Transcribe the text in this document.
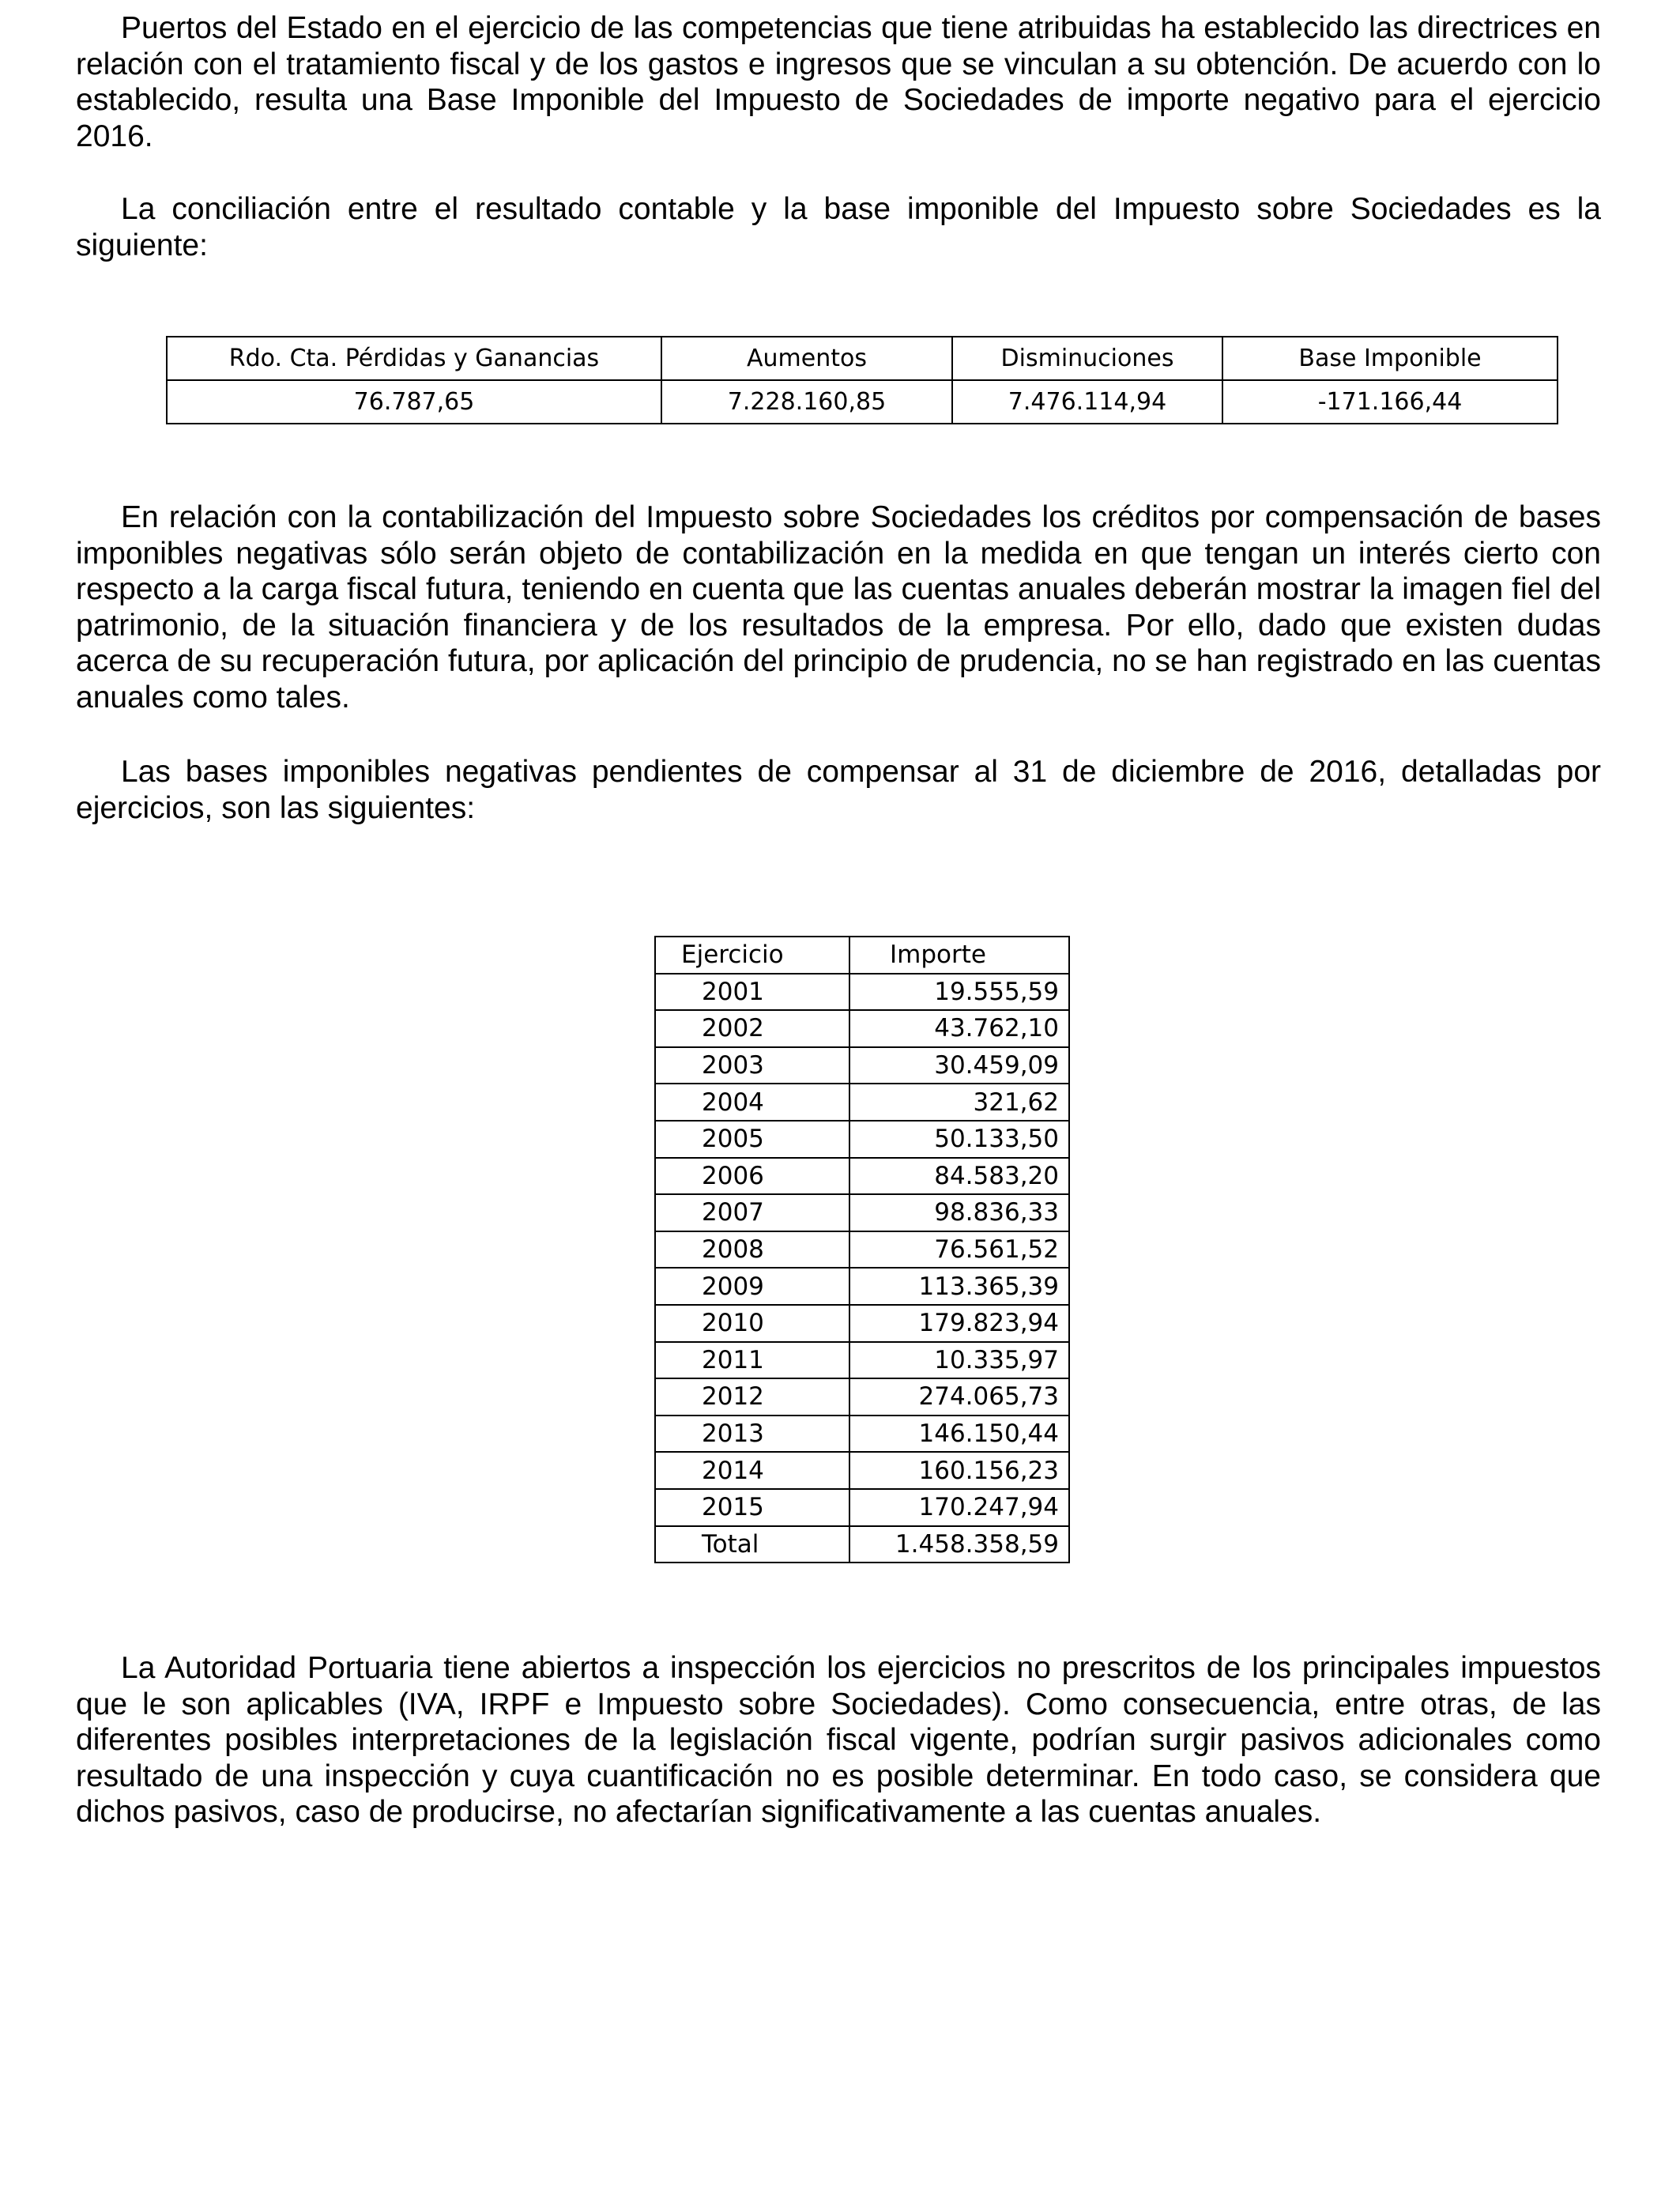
Puertos del Estado en el ejercicio de las competencias que tiene atribuidas ha establecido las directrices en relación con el tratamiento fiscal y de los gastos e ingresos que se vinculan a su obtención. De acuerdo con lo establecido, resulta una Base Imponible del Impuesto de Sociedades de importe negativo para el ejercicio 2016.

La conciliación entre el resultado contable y la base imponible del Impuesto sobre Sociedades es la siguiente:

Rdo. Cta. Pérdidas y Ganancias	Aumentos	Disminuciones	Base Imponible
76.787,65	7.228.160,85	7.476.114,94	-171.166,44

En relación con la contabilización del Impuesto sobre Sociedades los créditos por compensación de bases imponibles negativas sólo serán objeto de contabilización en la medida en que tengan un interés cierto con respecto a la carga fiscal futura, teniendo en cuenta que las cuentas anuales deberán mostrar la imagen fiel del patrimonio, de la situación financiera y de los resultados de la empresa. Por ello, dado que existen dudas acerca de su recuperación futura, por aplicación del principio de prudencia, no se han registrado en las cuentas anuales como tales.

Las bases imponibles negativas pendientes de compensar al 31 de diciembre de 2016, detalladas por ejercicios, son las siguientes:

Ejercicio	Importe
2001	19.555,59
2002	43.762,10
2003	30.459,09
2004	321,62
2005	50.133,50
2006	84.583,20
2007	98.836,33
2008	76.561,52
2009	113.365,39
2010	179.823,94
2011	10.335,97
2012	274.065,73
2013	146.150,44
2014	160.156,23
2015	170.247,94
Total	1.458.358,59

La Autoridad Portuaria tiene abiertos a inspección los ejercicios no prescritos de los principales impuestos que le son aplicables (IVA, IRPF e Impuesto sobre Sociedades). Como consecuencia, entre otras, de las diferentes posibles interpretaciones de la legislación fiscal vigente, podrían surgir pasivos adicionales como resultado de una inspección y cuya cuantificación no es posible determinar. En todo caso, se considera que dichos pasivos, caso de producirse, no afectarían significativamente a las cuentas anuales.
